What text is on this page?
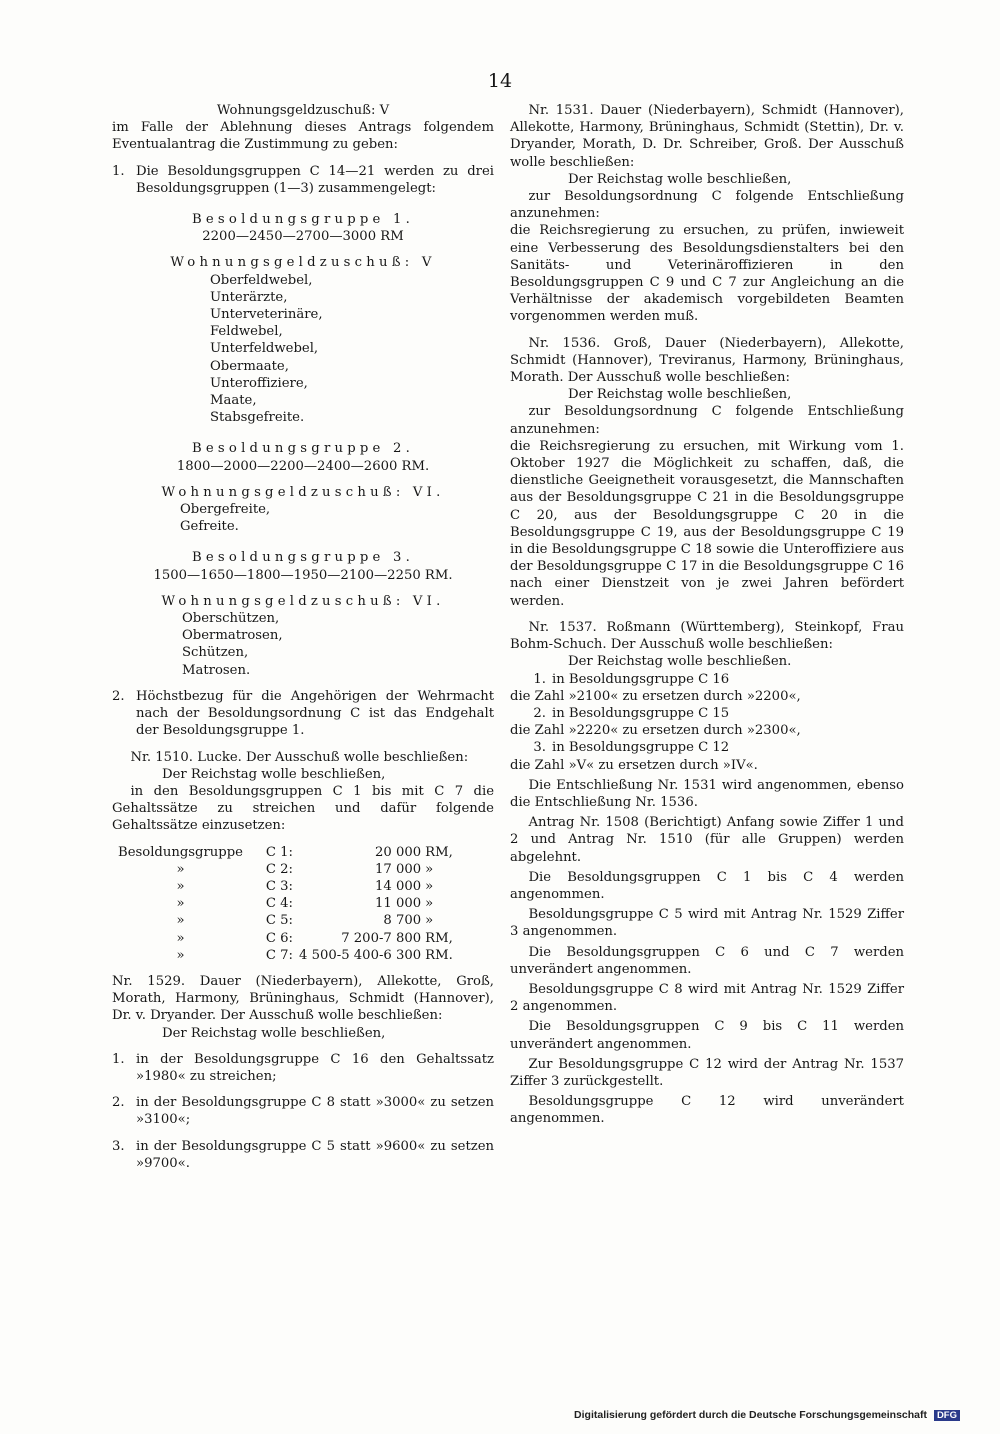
14

Wohnungsgeldzuschuß: V

im Falle der Ablehnung dieses Antrags folgendem Eventualantrag die Zustimmung zu geben:

1. Die Besoldungsgruppen C 14—21 werden zu drei Besoldungsgruppen (1—3) zusammengelegt:

Besoldungsgruppe 1.

2200—2450—2700—3000 RM

Wohnungsgeldzuschuß: V

Oberfeldwebel,

Unterärzte,

Unterveterinäre,

Feldwebel,

Unterfeldwebel,

Obermaate,

Unteroffiziere,

Maate,

Stabsgefreite.

Besoldungsgruppe 2.

1800—2000—2200—2400—2600 RM.

Wohnungsgeldzuschuß: VI.

Obergefreite,

Gefreite.

Besoldungsgruppe 3.

1500—1650—1800—1950—2100—2250 RM.

Wohnungsgeldzuschuß: VI.

Oberschützen,

Obermatrosen,

Schützen,

Matrosen.

2. Höchstbezug für die Angehörigen der Wehrmacht nach der Besoldungsordnung C ist das Endgehalt der Besoldungsgruppe 1.

Nr. 1510. Lucke. Der Ausschuß wolle beschließen:

Der Reichstag wolle beschließen,

in den Besoldungsgruppen C 1 bis mit C 7 die Gehaltssätze zu streichen und dafür folgende Gehaltssätze einzusetzen:

Besoldungsgruppe	C 1:	20 000	RM,
»	C 2:	17 000	»
»	C 3:	14 000	»
»	C 4:	11 000	»
»	C 5:	8 700	»
»	C 6:	7 200-7 800	RM,
»	C 7:	4 500-5 400-6 300	RM.

Nr. 1529. Dauer (Niederbayern), Allekotte, Groß, Morath, Harmony, Brüninghaus, Schmidt (Hannover), Dr. v. Dryander. Der Ausschuß wolle beschließen:

Der Reichstag wolle beschließen,

1. in der Besoldungsgruppe C 16 den Gehaltssatz »1980« zu streichen;
2. in der Besoldungsgruppe C 8 statt »3000« zu setzen »3100«;
3. in der Besoldungsgruppe C 5 statt »9600« zu setzen »9700«.

Nr. 1531. Dauer (Niederbayern), Schmidt (Hannover), Allekotte, Harmony, Brüninghaus, Schmidt (Stettin), Dr. v. Dryander, Morath, D. Dr. Schreiber, Groß. Der Ausschuß wolle beschließen:

Der Reichstag wolle beschließen,

zur Besoldungsordnung C folgende Entschließung anzunehmen:

die Reichsregierung zu ersuchen, zu prüfen, inwieweit eine Verbesserung des Besoldungsdienstalters bei den Sanitäts- und Veterinäroffizieren in den Besoldungsgruppen C 9 und C 7 zur Angleichung an die Verhältnisse der akademisch vorgebildeten Beamten vorgenommen werden muß.

Nr. 1536. Groß, Dauer (Niederbayern), Allekotte, Schmidt (Hannover), Treviranus, Harmony, Brüninghaus, Morath. Der Ausschuß wolle beschließen:

Der Reichstag wolle beschließen,

zur Besoldungsordnung C folgende Entschließung anzunehmen:

die Reichsregierung zu ersuchen, mit Wirkung vom 1. Oktober 1927 die Möglichkeit zu schaffen, daß, die dienstliche Geeignetheit vorausgesetzt, die Mannschaften aus der Besoldungsgruppe C 21 in die Besoldungsgruppe C 20, aus der Besoldungsgruppe C 20 in die Besoldungsgruppe C 19, aus der Besoldungsgruppe C 19 in die Besoldungsgruppe C 18 sowie die Unteroffiziere aus der Besoldungsgruppe C 17 in die Besoldungsgruppe C 16 nach einer Dienstzeit von je zwei Jahren befördert werden.

Nr. 1537. Roßmann (Württemberg), Steinkopf, Frau Bohm-Schuch. Der Ausschuß wolle beschließen:

Der Reichstag wolle beschließen.

1. in Besoldungsgruppe C 16

die Zahl »2100« zu ersetzen durch »2200«,

2. in Besoldungsgruppe C 15

die Zahl »2220« zu ersetzen durch »2300«,

3. in Besoldungsgruppe C 12

die Zahl »V« zu ersetzen durch »IV«.

Die Entschließung Nr. 1531 wird angenommen, ebenso die Entschließung Nr. 1536.

Antrag Nr. 1508 (Berichtigt) Anfang sowie Ziffer 1 und 2 und Antrag Nr. 1510 (für alle Gruppen) werden abgelehnt.

Die Besoldungsgruppen C 1 bis C 4 werden angenommen.

Besoldungsgruppe C 5 wird mit Antrag Nr. 1529 Ziffer 3 angenommen.

Die Besoldungsgruppen C 6 und C 7 werden unverändert angenommen.

Besoldungsgruppe C 8 wird mit Antrag Nr. 1529 Ziffer 2 angenommen.

Die Besoldungsgruppen C 9 bis C 11 werden unverändert angenommen.

Zur Besoldungsgruppe C 12 wird der Antrag Nr. 1537 Ziffer 3 zurückgestellt.

Besoldungsgruppe C 12 wird unverändert angenommen.

Digitalisierung gefördert durch die Deutsche Forschungsgemeinschaft DFG
